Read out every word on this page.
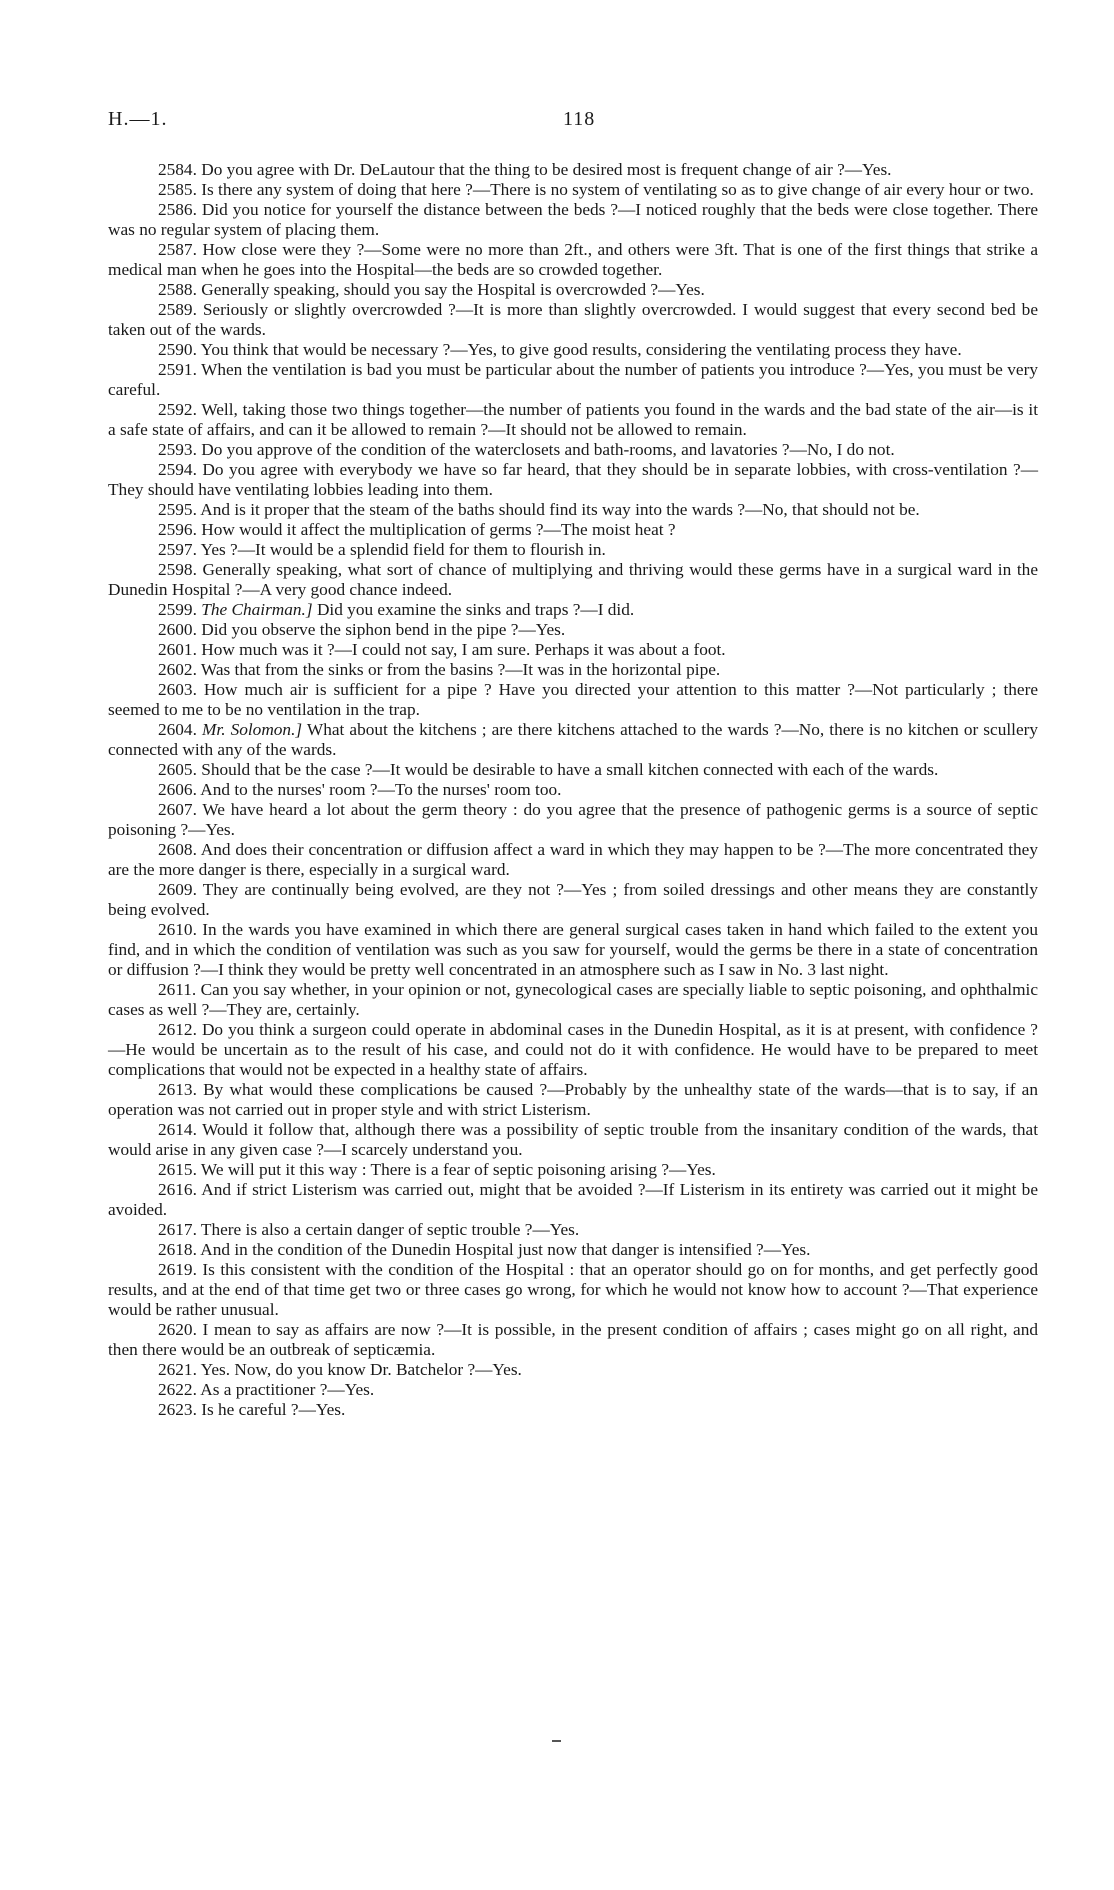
H.—1.	118

2584. Do you agree with Dr. DeLautour that the thing to be desired most is frequent change of air ?—Yes.

2585. Is there any system of doing that here ?—There is no system of ventilating so as to give change of air every hour or two.

2586. Did you notice for yourself the distance between the beds ?—I noticed roughly that the beds were close together. There was no regular system of placing them.

2587. How close were they ?—Some were no more than 2ft., and others were 3ft. That is one of the first things that strike a medical man when he goes into the Hospital—the beds are so crowded together.

2588. Generally speaking, should you say the Hospital is overcrowded ?—Yes.

2589. Seriously or slightly overcrowded ?—It is more than slightly overcrowded. I would suggest that every second bed be taken out of the wards.

2590. You think that would be necessary ?—Yes, to give good results, considering the ventilating process they have.

2591. When the ventilation is bad you must be particular about the number of patients you introduce ?—Yes, you must be very careful.

2592. Well, taking those two things together—the number of patients you found in the wards and the bad state of the air—is it a safe state of affairs, and can it be allowed to remain ?—It should not be allowed to remain.

2593. Do you approve of the condition of the waterclosets and bath-rooms, and lavatories ?—No, I do not.

2594. Do you agree with everybody we have so far heard, that they should be in separate lobbies, with cross-ventilation ?—They should have ventilating lobbies leading into them.

2595. And is it proper that the steam of the baths should find its way into the wards ?—No, that should not be.

2596. How would it affect the multiplication of germs ?—The moist heat ?

2597. Yes ?—It would be a splendid field for them to flourish in.

2598. Generally speaking, what sort of chance of multiplying and thriving would these germs have in a surgical ward in the Dunedin Hospital ?—A very good chance indeed.

2599. The Chairman.] Did you examine the sinks and traps ?—I did.

2600. Did you observe the siphon bend in the pipe ?—Yes.

2601. How much was it ?—I could not say, I am sure. Perhaps it was about a foot.

2602. Was that from the sinks or from the basins ?—It was in the horizontal pipe.

2603. How much air is sufficient for a pipe ? Have you directed your attention to this matter ?—Not particularly ; there seemed to me to be no ventilation in the trap.

2604. Mr. Solomon.] What about the kitchens ; are there kitchens attached to the wards ?—No, there is no kitchen or scullery connected with any of the wards.

2605. Should that be the case ?—It would be desirable to have a small kitchen connected with each of the wards.

2606. And to the nurses' room ?—To the nurses' room too.

2607. We have heard a lot about the germ theory : do you agree that the presence of pathogenic germs is a source of septic poisoning ?—Yes.

2608. And does their concentration or diffusion affect a ward in which they may happen to be ?—The more concentrated they are the more danger is there, especially in a surgical ward.

2609. They are continually being evolved, are they not ?—Yes ; from soiled dressings and other means they are constantly being evolved.

2610. In the wards you have examined in which there are general surgical cases taken in hand which failed to the extent you find, and in which the condition of ventilation was such as you saw for yourself, would the germs be there in a state of concentration or diffusion ?—I think they would be pretty well concentrated in an atmosphere such as I saw in No. 3 last night.

2611. Can you say whether, in your opinion or not, gynecological cases are specially liable to septic poisoning, and ophthalmic cases as well ?—They are, certainly.

2612. Do you think a surgeon could operate in abdominal cases in the Dunedin Hospital, as it is at present, with confidence ?—He would be uncertain as to the result of his case, and could not do it with confidence. He would have to be prepared to meet complications that would not be expected in a healthy state of affairs.

2613. By what would these complications be caused ?—Probably by the unhealthy state of the wards—that is to say, if an operation was not carried out in proper style and with strict Listerism.

2614. Would it follow that, although there was a possibility of septic trouble from the insanitary condition of the wards, that would arise in any given case ?—I scarcely understand you.

2615. We will put it this way : There is a fear of septic poisoning arising ?—Yes.

2616. And if strict Listerism was carried out, might that be avoided ?—If Listerism in its entirety was carried out it might be avoided.

2617. There is also a certain danger of septic trouble ?—Yes.

2618. And in the condition of the Dunedin Hospital just now that danger is intensified ?—Yes.

2619. Is this consistent with the condition of the Hospital : that an operator should go on for months, and get perfectly good results, and at the end of that time get two or three cases go wrong, for which he would not know how to account ?—That experience would be rather unusual.

2620. I mean to say as affairs are now ?—It is possible, in the present condition of affairs ; cases might go on all right, and then there would be an outbreak of septicæmia.

2621. Yes. Now, do you know Dr. Batchelor ?—Yes.

2622. As a practitioner ?—Yes.

2623. Is he careful ?—Yes.
